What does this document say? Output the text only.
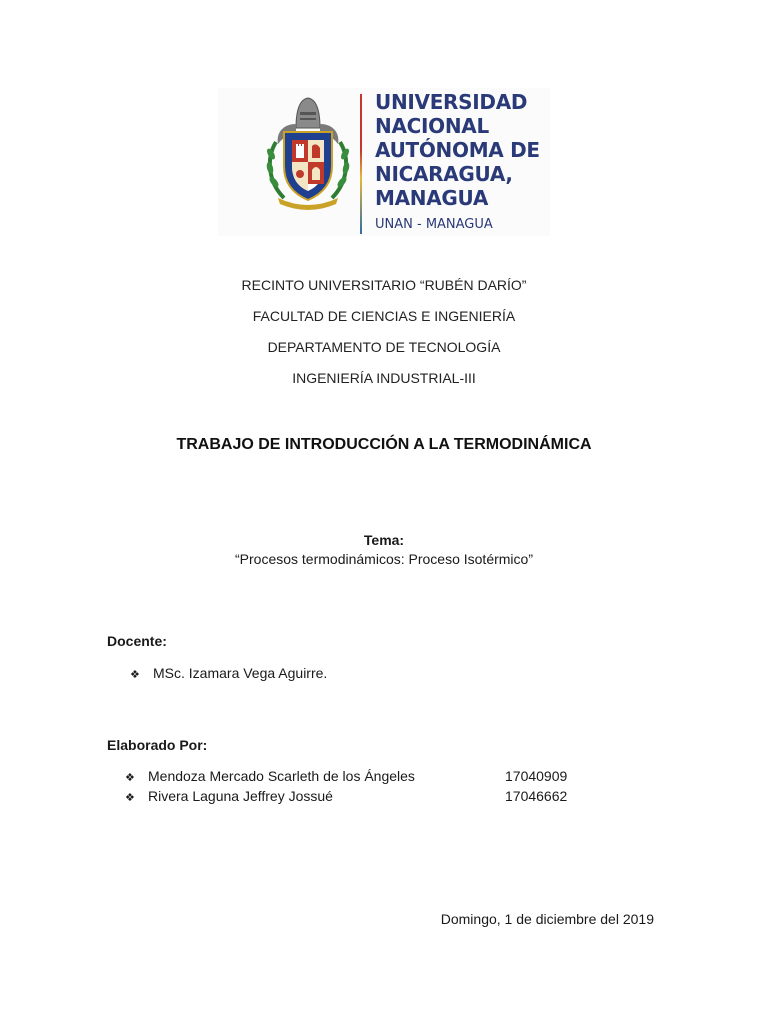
UNIVERSIDAD
NACIONAL
AUTÓNOMA DE
NICARAGUA,
MANAGUA
UNAN - MANAGUA
RECINTO UNIVERSITARIO “RUBÉN DARÍO”
FACULTAD DE CIENCIAS E INGENIERÍA
DEPARTAMENTO DE TECNOLOGÍA
INGENIERÍA INDUSTRIAL-III
TRABAJO DE INTRODUCCIÓN A LA TERMODINÁMICA
Tema:
“Procesos termodinámicos: Proceso Isotérmico”
Docente:
❖ MSc. Izamara Vega Aguirre.
Elaborado Por:
❖ Mendoza Mercado Scarleth de los Ángeles	17040909
❖ Rivera Laguna Jeffrey Jossué	17046662
Domingo, 1 de diciembre del 2019
